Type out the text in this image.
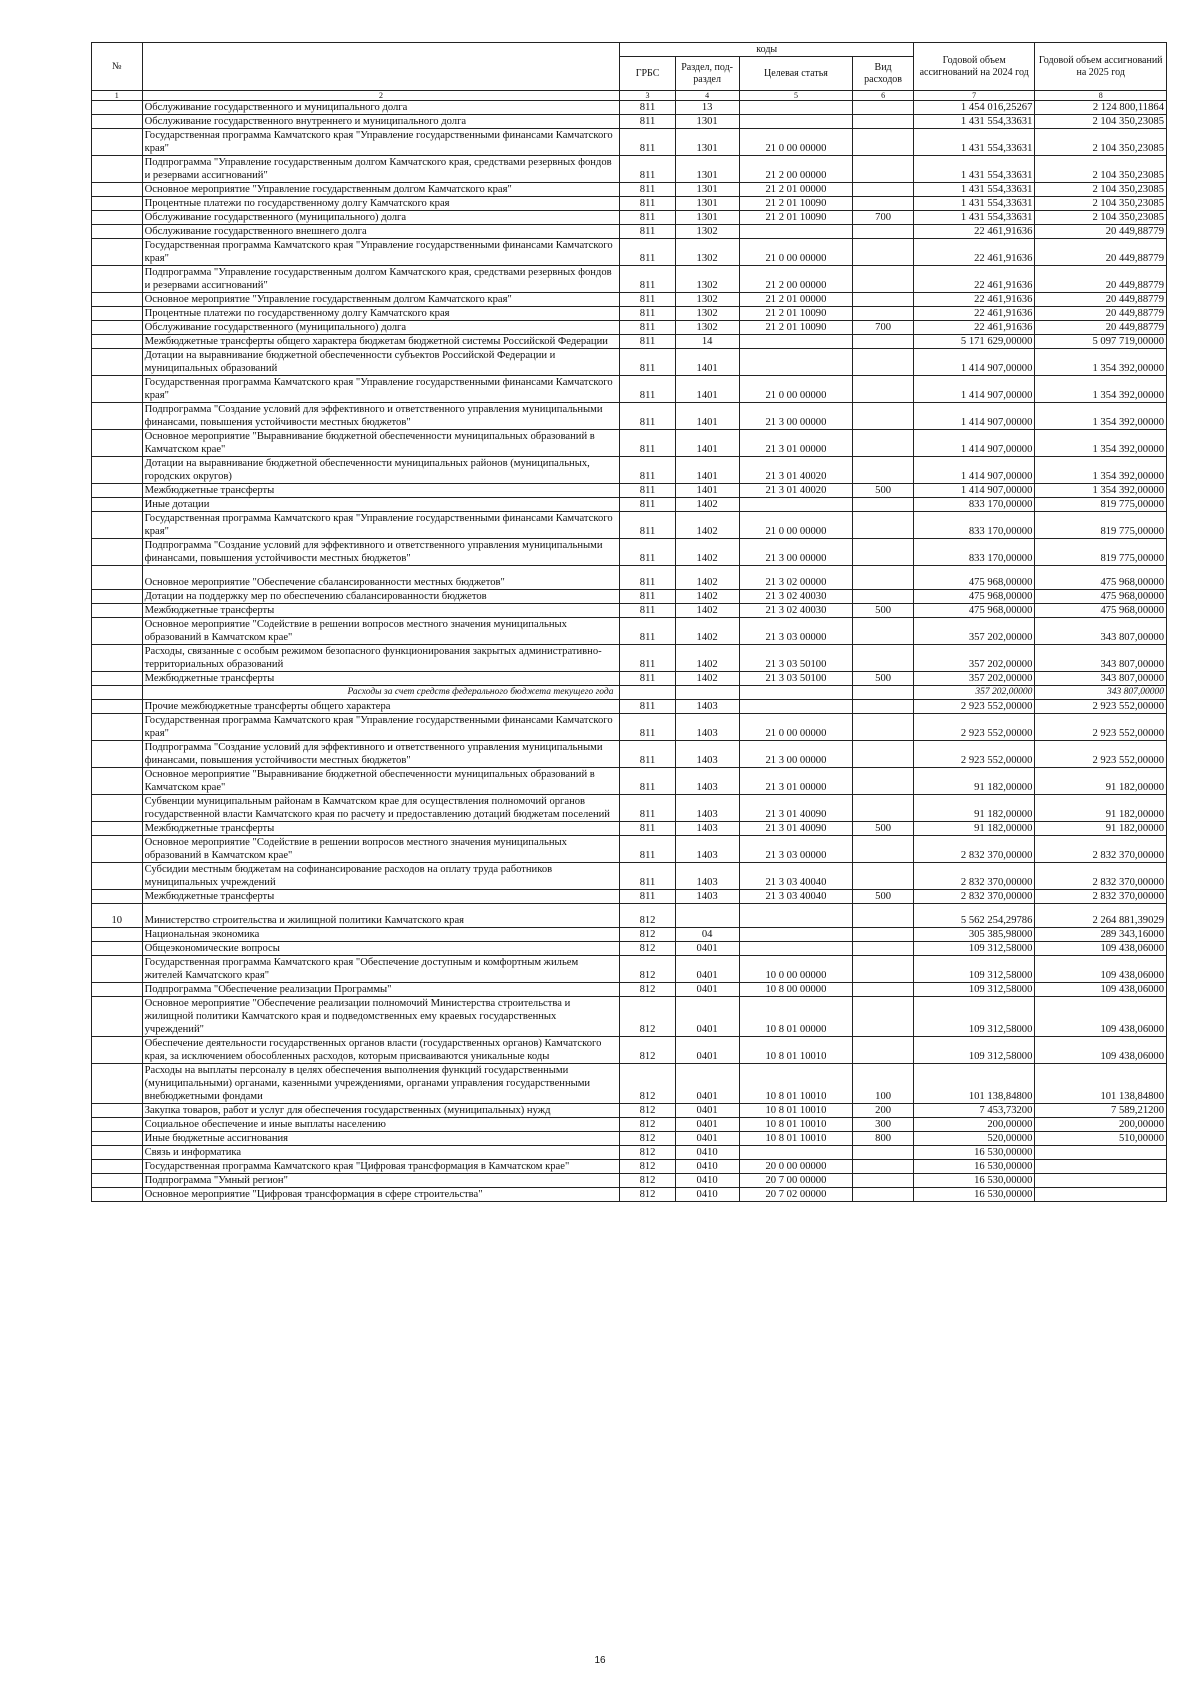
№		коды				Годовой объем ассигнований на 2024 год	Годовой объем ассигнований на 2025 год
		ГРБС	Раздел, под-раздел	Целевая статья	Вид расходов		
1	2	3	4	5	6	7	8
	Обслуживание государственного и муниципального долга	811	13			1 454 016,25267	2 124 800,11864
	Обслуживание государственного внутреннего и муниципального долга	811	1301			1 431 554,33631	2 104 350,23085
	Государственная программа Камчатского края "Управление государственными финансами Камчатского края"	811	1301	21 0 00 00000		1 431 554,33631	2 104 350,23085
	Подпрограмма "Управление государственным долгом Камчатского края, средствами резервных фондов и резервами ассигнований"	811	1301	21 2 00 00000		1 431 554,33631	2 104 350,23085
	Основное мероприятие "Управление государственным долгом Камчатского края"	811	1301	21 2 01 00000		1 431 554,33631	2 104 350,23085
	Процентные платежи по государственному долгу Камчатского края	811	1301	21 2 01 10090		1 431 554,33631	2 104 350,23085
	Обслуживание государственного (муниципального) долга	811	1301	21 2 01 10090	700	1 431 554,33631	2 104 350,23085
	Обслуживание государственного внешнего долга	811	1302			22 461,91636	20 449,88779
	Государственная программа Камчатского края "Управление государственными финансами Камчатского края"	811	1302	21 0 00 00000		22 461,91636	20 449,88779
	Подпрограмма "Управление государственным долгом Камчатского края, средствами резервных фондов и резервами ассигнований"	811	1302	21 2 00 00000		22 461,91636	20 449,88779
	Основное мероприятие "Управление государственным долгом Камчатского края"	811	1302	21 2 01 00000		22 461,91636	20 449,88779
	Процентные платежи по государственному долгу Камчатского края	811	1302	21 2 01 10090		22 461,91636	20 449,88779
	Обслуживание государственного (муниципального) долга	811	1302	21 2 01 10090	700	22 461,91636	20 449,88779
	Межбюджетные трансферты общего характера бюджетам бюджетной системы Российской Федерации	811	14			5 171 629,00000	5 097 719,00000
	Дотации на выравнивание бюджетной обеспеченности субъектов Российской Федерации и муниципальных образований	811	1401			1 414 907,00000	1 354 392,00000
	Государственная программа Камчатского края "Управление государственными финансами Камчатского края"	811	1401	21 0 00 00000		1 414 907,00000	1 354 392,00000
	Подпрограмма "Создание условий для эффективного и ответственного управления муниципальными финансами, повышения устойчивости местных бюджетов"	811	1401	21 3 00 00000		1 414 907,00000	1 354 392,00000
	Основное мероприятие "Выравнивание бюджетной обеспеченности муниципальных образований в Камчатском крае"	811	1401	21 3 01 00000		1 414 907,00000	1 354 392,00000
	Дотации на выравнивание бюджетной обеспеченности муниципальных районов (муниципальных, городских округов)	811	1401	21 3 01 40020		1 414 907,00000	1 354 392,00000
	Межбюджетные трансферты	811	1401	21 3 01 40020	500	1 414 907,00000	1 354 392,00000
	Иные дотации	811	1402			833 170,00000	819 775,00000
	Государственная программа Камчатского края "Управление государственными финансами Камчатского края"	811	1402	21 0 00 00000		833 170,00000	819 775,00000
	Подпрограмма "Создание условий для эффективного и ответственного управления муниципальными финансами, повышения устойчивости местных бюджетов"	811	1402	21 3 00 00000		833 170,00000	819 775,00000
	Основное мероприятие "Обеспечение сбалансированности местных бюджетов"	811	1402	21 3 02 00000		475 968,00000	475 968,00000
	Дотации на поддержку мер по обеспечению сбалансированности бюджетов	811	1402	21 3 02 40030		475 968,00000	475 968,00000
	Межбюджетные трансферты	811	1402	21 3 02 40030	500	475 968,00000	475 968,00000
	Основное мероприятие "Содействие в решении вопросов местного значения муниципальных образований в Камчатском крае"	811	1402	21 3 03 00000		357 202,00000	343 807,00000
	Расходы, связанные с особым режимом безопасного функционирования закрытых административно-территориальных образований	811	1402	21 3 03 50100		357 202,00000	343 807,00000
	Межбюджетные трансферты	811	1402	21 3 03 50100	500	357 202,00000	343 807,00000
	Расходы за счет средств федерального бюджета текущего года					357 202,00000	343 807,00000
	Прочие межбюджетные трансферты общего характера	811	1403			2 923 552,00000	2 923 552,00000
	Государственная программа Камчатского края "Управление государственными финансами Камчатского края"	811	1403	21 0 00 00000		2 923 552,00000	2 923 552,00000
	Подпрограмма "Создание условий для эффективного и ответственного управления муниципальными финансами, повышения устойчивости местных бюджетов"	811	1403	21 3 00 00000		2 923 552,00000	2 923 552,00000
	Основное мероприятие "Выравнивание бюджетной обеспеченности муниципальных образований в Камчатском крае"	811	1403	21 3 01 00000		91 182,00000	91 182,00000
	Субвенции муниципальным районам в Камчатском крае для осуществления полномочий органов государственной власти Камчатского края по расчету и предоставлению дотаций бюджетам поселений	811	1403	21 3 01 40090		91 182,00000	91 182,00000
	Межбюджетные трансферты	811	1403	21 3 01 40090	500	91 182,00000	91 182,00000
	Основное мероприятие "Содействие в решении вопросов местного значения муниципальных образований в Камчатском крае"	811	1403	21 3 03 00000		2 832 370,00000	2 832 370,00000
	Субсидии местным бюджетам на софинансирование расходов на оплату труда работников муниципальных учреждений	811	1403	21 3 03 40040		2 832 370,00000	2 832 370,00000
	Межбюджетные трансферты	811	1403	21 3 03 40040	500	2 832 370,00000	2 832 370,00000
10	Министерство строительства и жилищной политики Камчатского края	812				5 562 254,29786	2 264 881,39029
	Национальная экономика	812	04			305 385,98000	289 343,16000
	Общеэкономические вопросы	812	0401			109 312,58000	109 438,06000
	Государственная программа Камчатского края "Обеспечение доступным и комфортным жильем жителей Камчатского края"	812	0401	10 0 00 00000		109 312,58000	109 438,06000
	Подпрограмма "Обеспечение реализации Программы"	812	0401	10 8 00 00000		109 312,58000	109 438,06000
	Основное мероприятие "Обеспечение реализации полномочий Министерства строительства и жилищной политики Камчатского края и подведомственных ему краевых государственных учреждений"	812	0401	10 8 01 00000		109 312,58000	109 438,06000
	Обеспечение деятельности государственных органов власти (государственных органов) Камчатского края, за исключением обособленных расходов, которым присваиваются уникальные коды	812	0401	10 8 01 10010		109 312,58000	109 438,06000
	Расходы на выплаты персоналу в целях обеспечения выполнения функций государственными (муниципальными) органами, казенными учреждениями, органами управления государственными внебюджетными фондами	812	0401	10 8 01 10010	100	101 138,84800	101 138,84800
	Закупка товаров, работ и услуг для обеспечения государственных (муниципальных) нужд	812	0401	10 8 01 10010	200	7 453,73200	7 589,21200
	Социальное обеспечение и иные выплаты населению	812	0401	10 8 01 10010	300	200,00000	200,00000
	Иные бюджетные ассигнования	812	0401	10 8 01 10010	800	520,00000	510,00000
	Связь и информатика	812	0410			16 530,00000	
	Государственная программа Камчатского края "Цифровая трансформация в Камчатском крае"	812	0410	20 0 00 00000		16 530,00000	
	Подпрограмма "Умный регион"	812	0410	20 7 00 00000		16 530,00000	
	Основное мероприятие "Цифровая трансформация в сфере строительства"	812	0410	20 7 02 00000		16 530,00000	
16
